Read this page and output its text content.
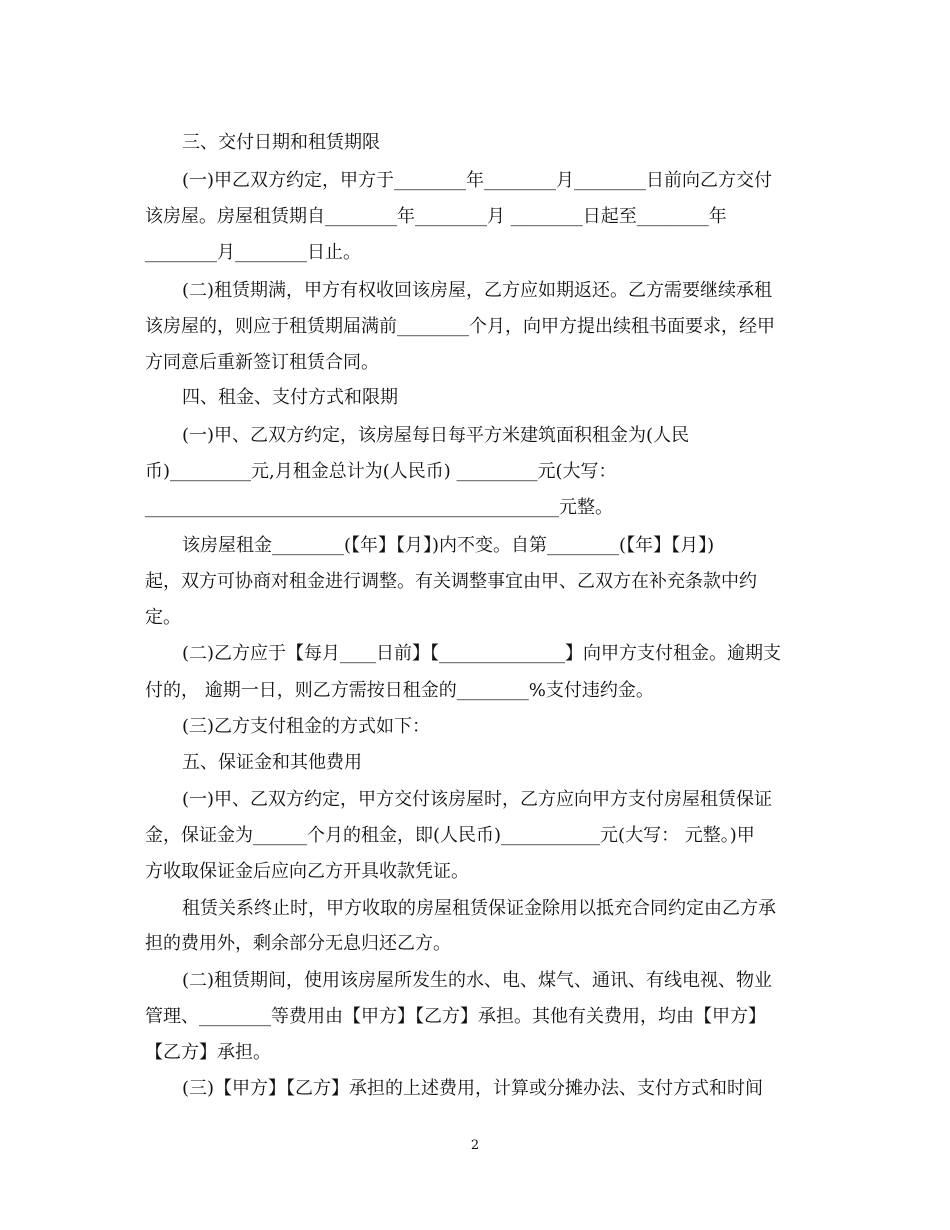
三、交付日期和租赁期限
(一)甲乙双方约定，甲方于________年________月________日前向乙方交付
该房屋。房屋租赁期自________年________月 ________日起至________年
________月________日止。
(二)租赁期满，甲方有权收回该房屋，乙方应如期返还。乙方需要继续承租
该房屋的，则应于租赁期届满前________个月，向甲方提出续租书面要求，经甲
方同意后重新签订租赁合同。
四、租金、支付方式和限期
(一)甲、乙双方约定，该房屋每日每平方米建筑面积租金为(人民
币)_________元,月租金总计为(人民币) _________元(大写：
______________________________________________元整。
该房屋租金________(【年】【月】)内不变。自第________(【年】【月】)
起，双方可协商对租金进行调整。有关调整事宜由甲、乙双方在补充条款中约
定。
(二)乙方应于【每月____日前】【______________】向甲方支付租金。逾期支
付的， 逾期一日，则乙方需按日租金的________%支付违约金。
(三)乙方支付租金的方式如下：
五、保证金和其他费用
(一)甲、乙双方约定，甲方交付该房屋时，乙方应向甲方支付房屋租赁保证
金，保证金为______个月的租金，即(人民币)___________元(大写： 元整。)甲
方收取保证金后应向乙方开具收款凭证。
租赁关系终止时，甲方收取的房屋租赁保证金除用以抵充合同约定由乙方承
担的费用外，剩余部分无息归还乙方。
(二)租赁期间，使用该房屋所发生的水、电、煤气、通讯、有线电视、物业
管理、________等费用由【甲方】【乙方】承担。其他有关费用，均由【甲方】
【乙方】承担。
(三)【甲方】【乙方】承担的上述费用，计算或分摊办法、支付方式和时间
2
